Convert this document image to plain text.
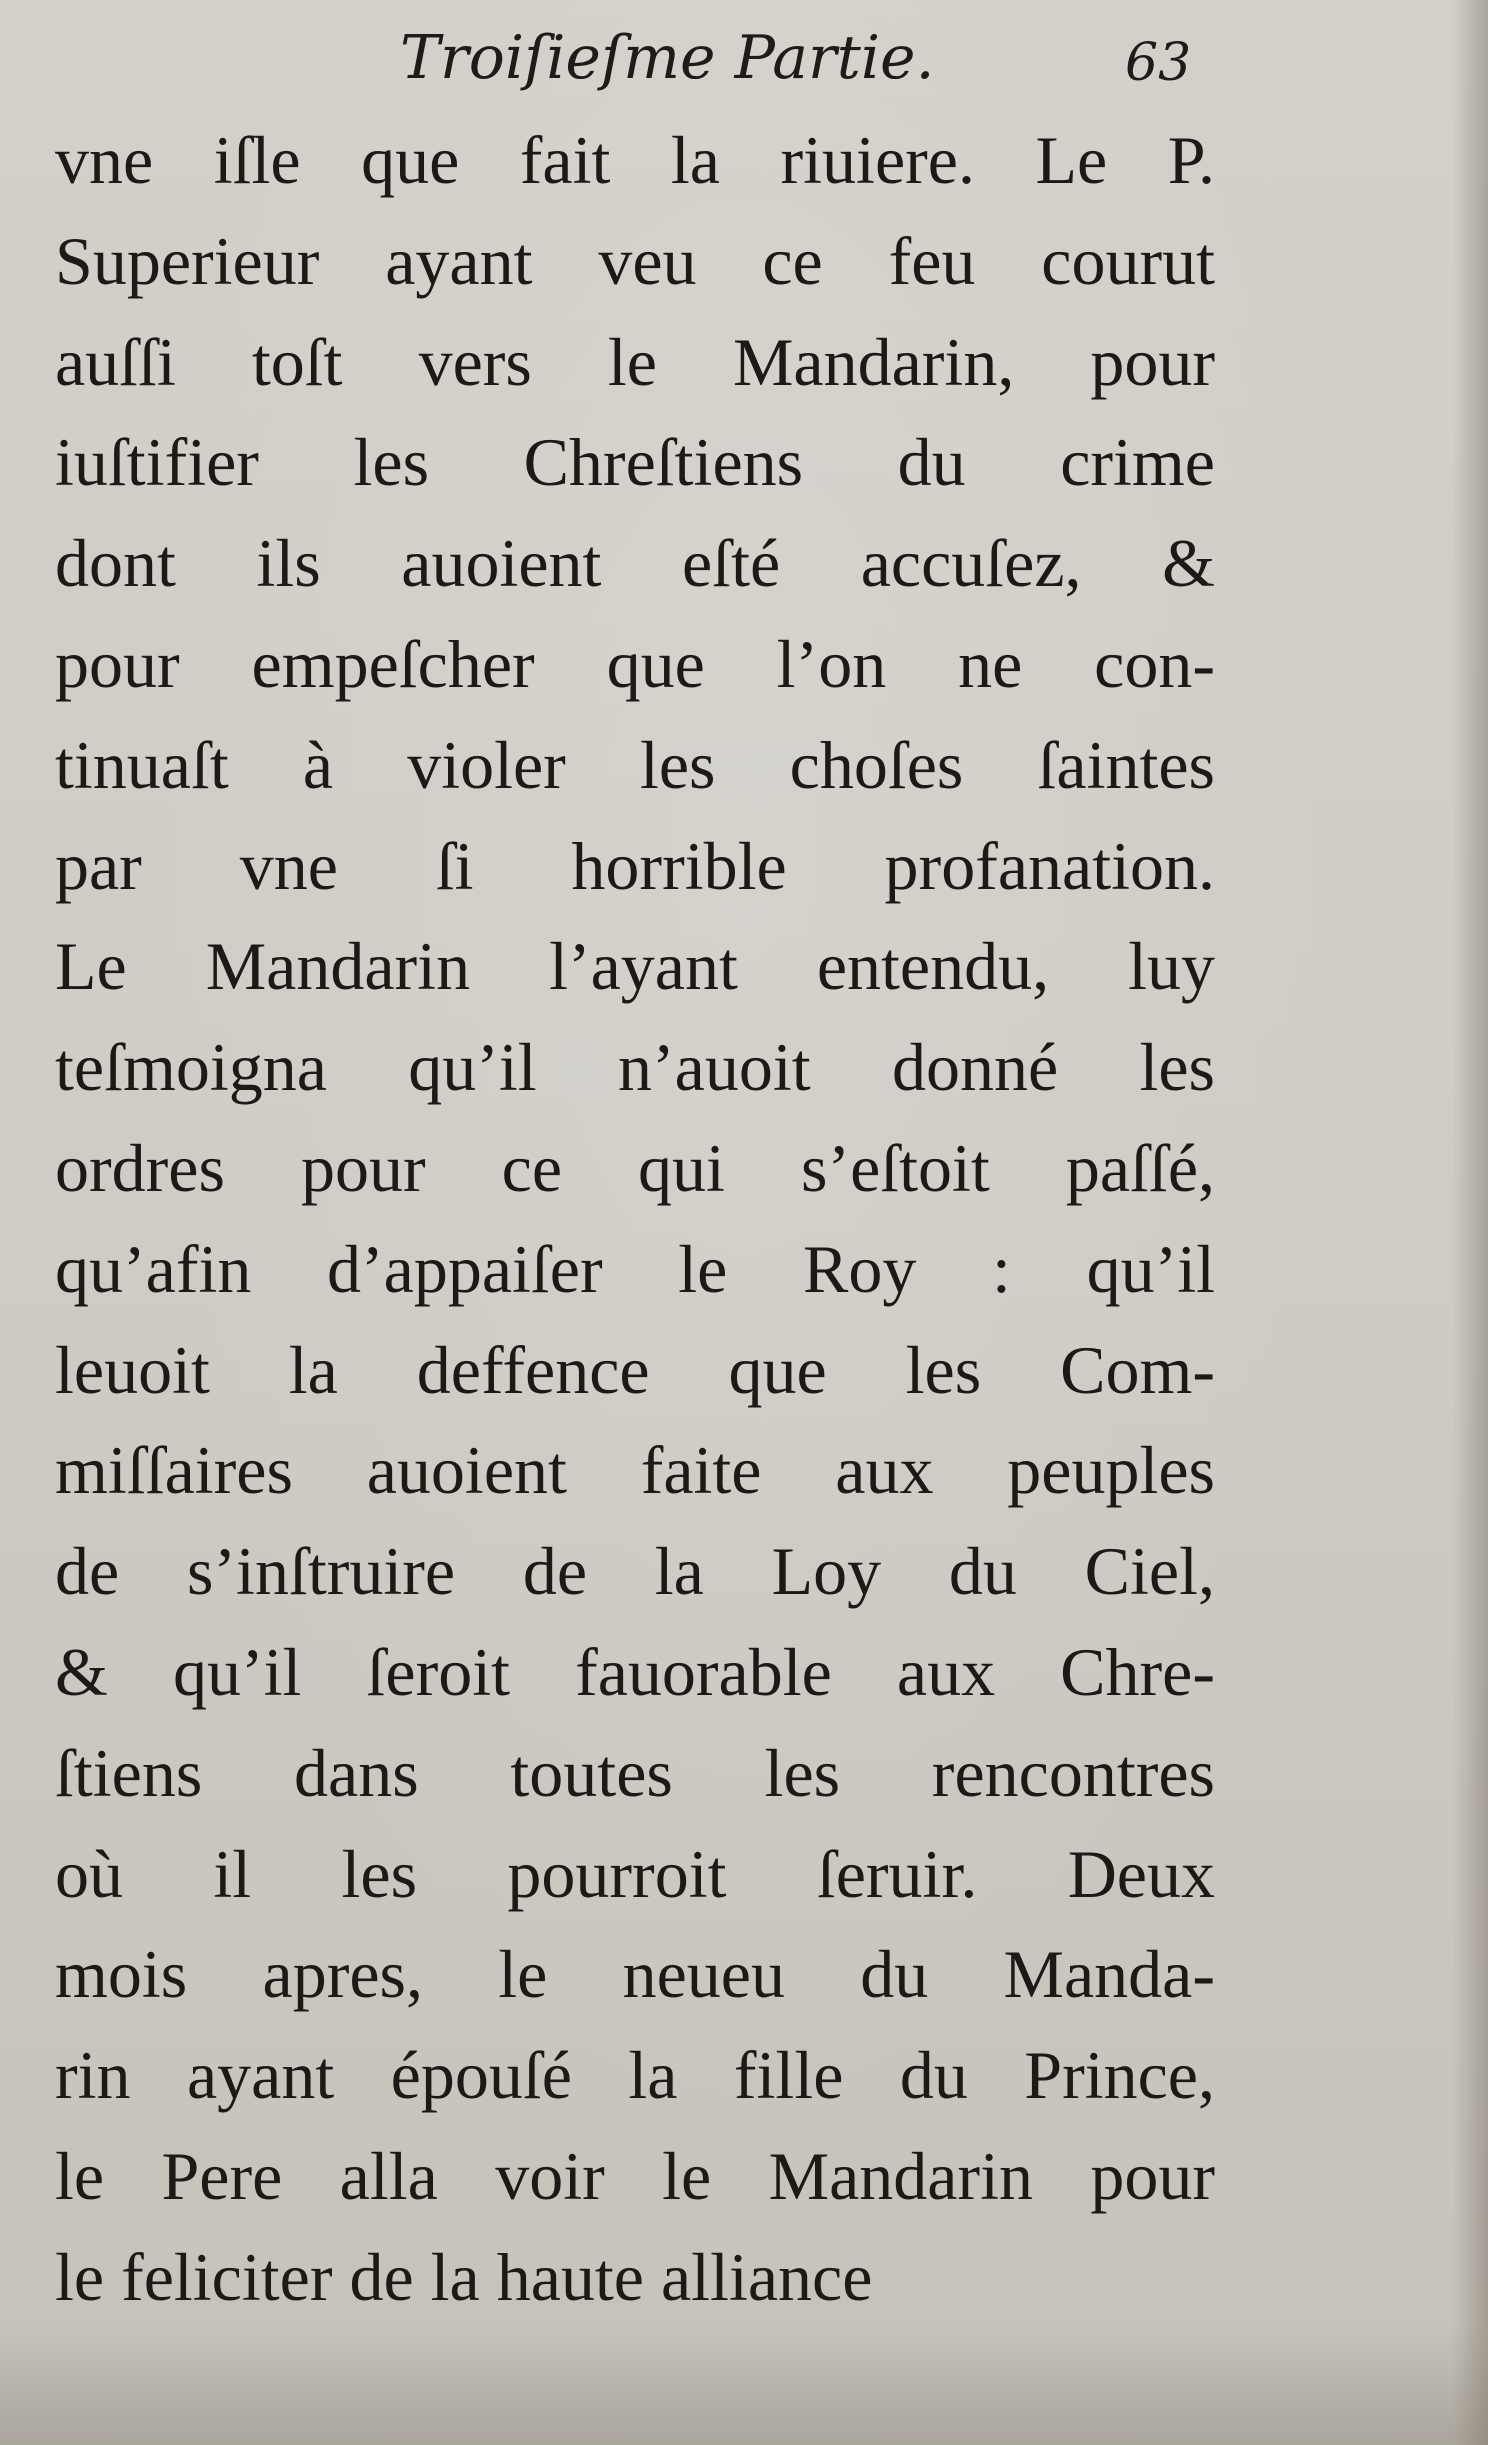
Troiſieſme Partie.	63
vne iſle que fait la riuiere. Le P.
Superieur ayant veu ce feu courut
auſſi toſt vers le Mandarin, pour
iuſtifier les Chreſtiens du crime
dont ils auoient eſté accuſez, &
pour empeſcher que l’on ne con-
tinuaſt à violer les choſes ſaintes
par vne ſi horrible profanation.
Le Mandarin l’ayant entendu, luy
teſmoigna qu’il n’auoit donné les
ordres pour ce qui s’eſtoit paſſé,
qu’afin d’appaiſer le Roy : qu’il
leuoit la deffence que les Com-
miſſaires auoient faite aux peuples
de s’inſtruire de la Loy du Ciel,
& qu’il ſeroit fauorable aux Chre-
ſtiens dans toutes les rencontres
où il les pourroit ſeruir. Deux
mois apres, le neueu du Manda-
rin ayant épouſé la fille du Prince,
le Pere alla voir le Mandarin pour
le feliciter de la haute alliance
